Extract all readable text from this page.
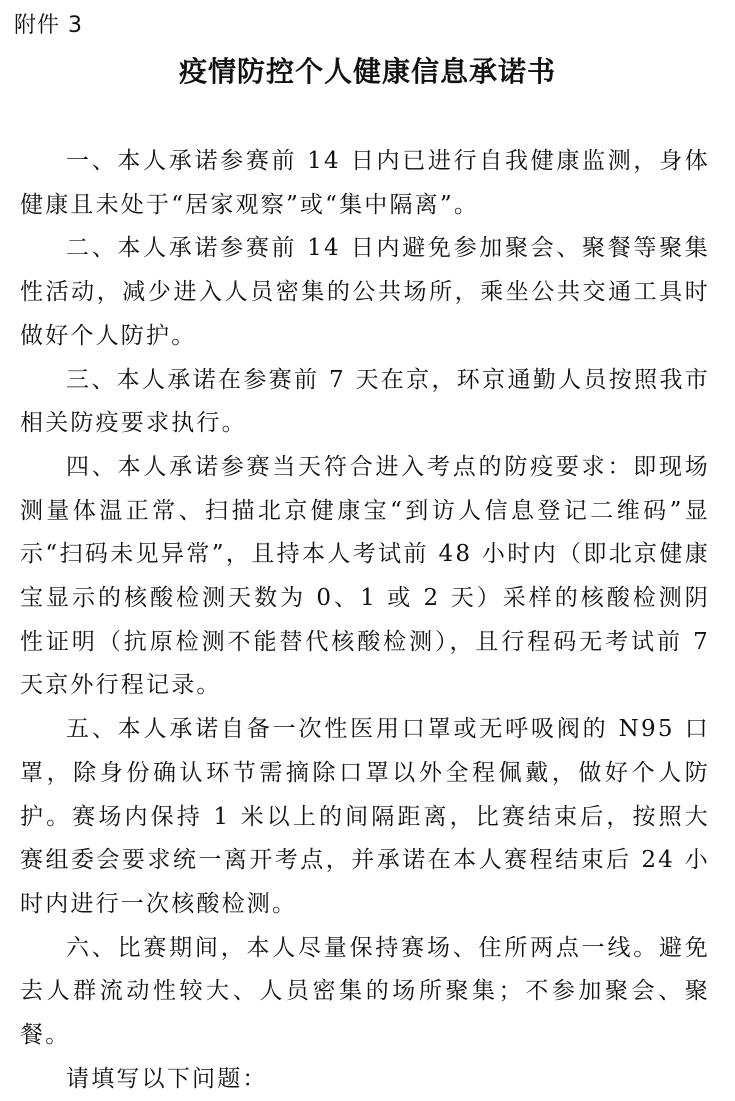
附件 3
疫情防控个人健康信息承诺书

一、本人承诺参赛前 14 日内已进行自我健康监测，身体健康且未处于“居家观察”或“集中隔离”。

二、本人承诺参赛前 14 日内避免参加聚会、聚餐等聚集性活动，减少进入人员密集的公共场所，乘坐公共交通工具时做好个人防护。

三、本人承诺在参赛前 7 天在京，环京通勤人员按照我市相关防疫要求执行。

四、本人承诺参赛当天符合进入考点的防疫要求：即现场测量体温正常、扫描北京健康宝“到访人信息登记二维码”显示“扫码未见异常”，且持本人考试前 48 小时内（即北京健康宝显示的核酸检测天数为 0、1 或 2 天）采样的核酸检测阴性证明（抗原检测不能替代核酸检测），且行程码无考试前 7 天京外行程记录。

五、本人承诺自备一次性医用口罩或无呼吸阀的 N95 口罩，除身份确认环节需摘除口罩以外全程佩戴，做好个人防护。赛场内保持 1 米以上的间隔距离，比赛结束后，按照大赛组委会要求统一离开考点，并承诺在本人赛程结束后 24 小时内进行一次核酸检测。

六、比赛期间，本人尽量保持赛场、住所两点一线。避免去人群流动性较大、人员密集的场所聚集；不参加聚会、聚餐。

请填写以下问题：
